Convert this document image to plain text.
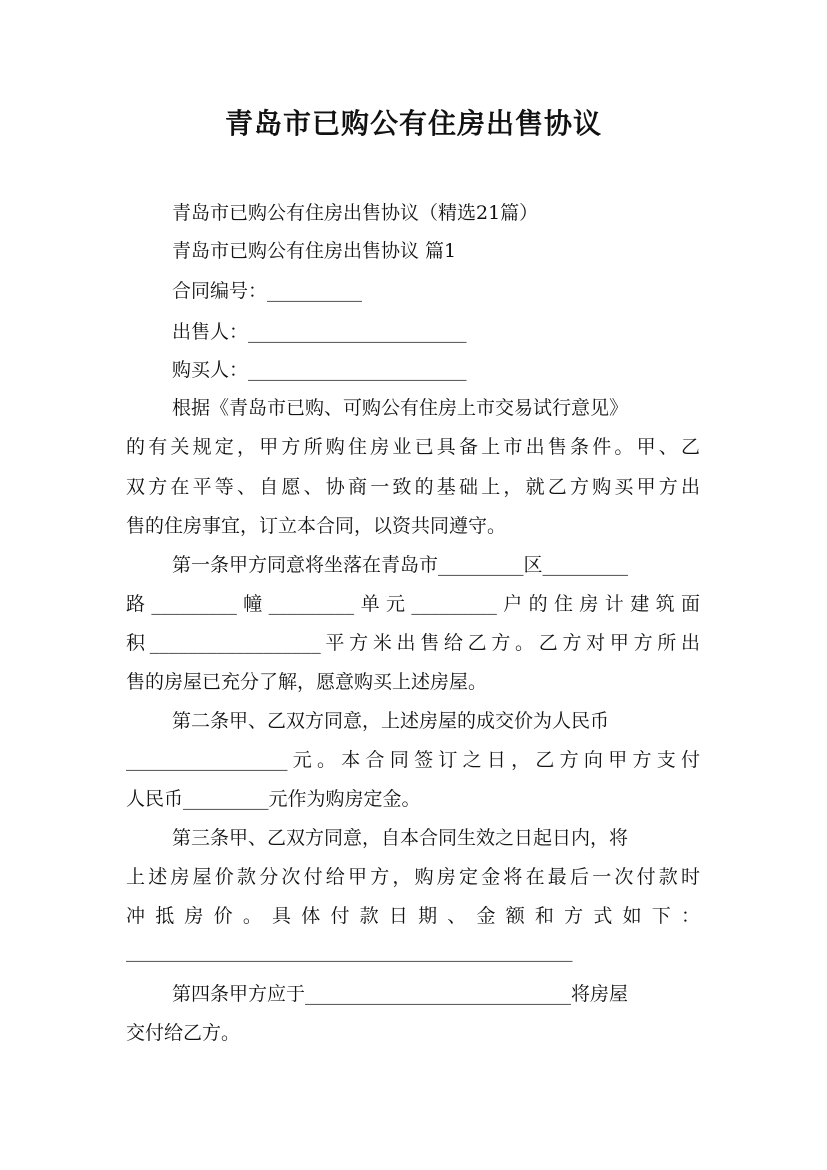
青岛市已购公有住房出售协议
青岛市已购公有住房出售协议（精选21篇）
青岛市已购公有住房出售协议 篇1
合同编号：__________
出售人：_______________________
购买人：_______________________
根据《青岛市已购、可购公有住房上市交易试行意见》
的有关规定，甲方所购住房业已具备上市出售条件。甲、乙
双方在平等、自愿、协商一致的基础上，就乙方购买甲方出
售的住房事宜，订立本合同，以资共同遵守。
第一条甲方同意将坐落在青岛市_________区_________
路_________幢_________单元_________户的住房计建筑面
积__________________平方米出售给乙方。乙方对甲方所出
售的房屋已充分了解，愿意购买上述房屋。
第二条甲、乙双方同意，上述房屋的成交价为人民币
_________________元。本合同签订之日，乙方向甲方支付
人民币_________元作为购房定金。
第三条甲、乙双方同意，自本合同生效之日起日内，将
上述房屋价款分次付给甲方，购房定金将在最后一次付款时
冲抵房价。具体付款日期、金额和方式如下：
_______________________________________________
第四条甲方应于____________________________将房屋
交付给乙方。
